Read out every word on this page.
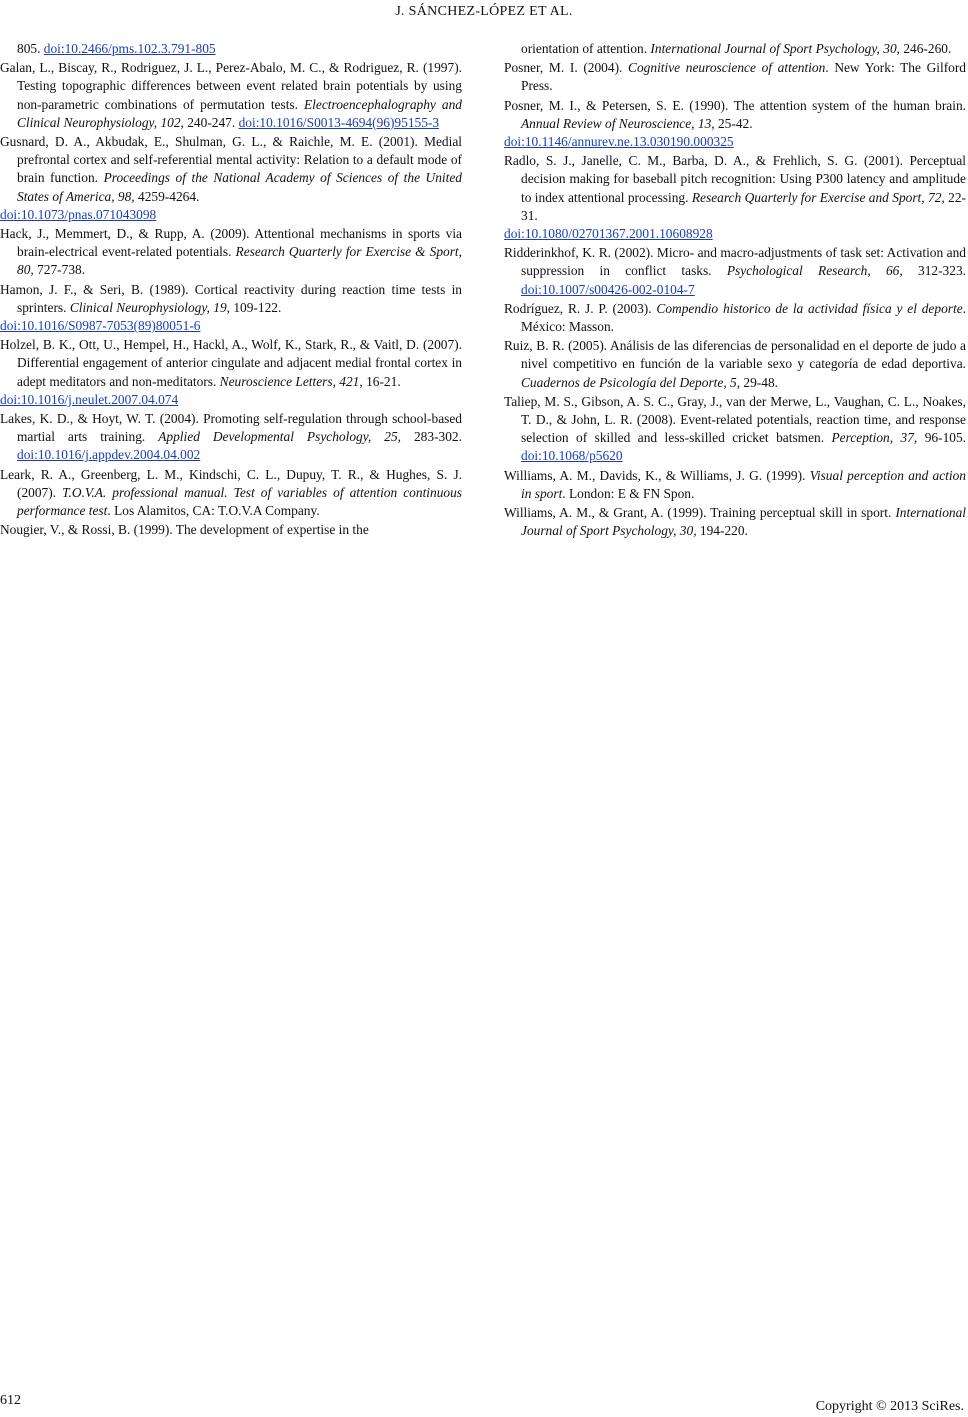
J. SÁNCHEZ-LÓPEZ ET AL.

805. doi:10.2466/pms.102.3.791-805

Galan, L., Biscay, R., Rodriguez, J. L., Perez-Abalo, M. C., & Rodriguez, R. (1997). Testing topographic differences between event related brain potentials by using non-parametric combinations of permutation tests. Electroencephalography and Clinical Neurophysiology, 102, 240-247. doi:10.1016/S0013-4694(96)95155-3

Gusnard, D. A., Akbudak, E., Shulman, G. L., & Raichle, M. E. (2001). Medial prefrontal cortex and self-referential mental activity: Relation to a default mode of brain function. Proceedings of the National Academy of Sciences of the United States of America, 98, 4259-4264.
doi:10.1073/pnas.071043098

Hack, J., Memmert, D., & Rupp, A. (2009). Attentional mechanisms in sports via brain-electrical event-related potentials. Research Quarterly for Exercise & Sport, 80, 727-738.

Hamon, J. F., & Seri, B. (1989). Cortical reactivity during reaction time tests in sprinters. Clinical Neurophysiology, 19, 109-122.
doi:10.1016/S0987-7053(89)80051-6

Holzel, B. K., Ott, U., Hempel, H., Hackl, A., Wolf, K., Stark, R., & Vaitl, D. (2007). Differential engagement of anterior cingulate and adjacent medial frontal cortex in adept meditators and non-meditators. Neuroscience Letters, 421, 16-21.
doi:10.1016/j.neulet.2007.04.074

Lakes, K. D., & Hoyt, W. T. (2004). Promoting self-regulation through school-based martial arts training. Applied Developmental Psychology, 25, 283-302. doi:10.1016/j.appdev.2004.04.002

Leark, R. A., Greenberg, L. M., Kindschi, C. L., Dupuy, T. R., & Hughes, S. J. (2007). T.O.V.A. professional manual. Test of variables of attention continuous performance test. Los Alamitos, CA: T.O.V.A Company.

Nougier, V., & Rossi, B. (1999). The development of expertise in the

orientation of attention. International Journal of Sport Psychology, 30, 246-260.

Posner, M. I. (2004). Cognitive neuroscience of attention. New York: The Gilford Press.

Posner, M. I., & Petersen, S. E. (1990). The attention system of the human brain. Annual Review of Neuroscience, 13, 25-42.
doi:10.1146/annurev.ne.13.030190.000325

Radlo, S. J., Janelle, C. M., Barba, D. A., & Frehlich, S. G. (2001). Perceptual decision making for baseball pitch recognition: Using P300 latency and amplitude to index attentional processing. Research Quarterly for Exercise and Sport, 72, 22-31.
doi:10.1080/02701367.2001.10608928

Ridderinkhof, K. R. (2002). Micro- and macro-adjustments of task set: Activation and suppression in conflict tasks. Psychological Research, 66, 312-323. doi:10.1007/s00426-002-0104-7

Rodríguez, R. J. P. (2003). Compendio historico de la actividad física y el deporte. México: Masson.

Ruiz, B. R. (2005). Análisis de las diferencias de personalidad en el deporte de judo a nivel competitivo en función de la variable sexo y categoría de edad deportiva. Cuadernos de Psicología del Deporte, 5, 29-48.

Taliep, M. S., Gibson, A. S. C., Gray, J., van der Merwe, L., Vaughan, C. L., Noakes, T. D., & John, L. R. (2008). Event-related potentials, reaction time, and response selection of skilled and less-skilled cricket batsmen. Perception, 37, 96-105. doi:10.1068/p5620

Williams, A. M., Davids, K., & Williams, J. G. (1999). Visual perception and action in sport. London: E & FN Spon.

Williams, A. M., & Grant, A. (1999). Training perceptual skill in sport. International Journal of Sport Psychology, 30, 194-220.

612	Copyright © 2013 SciRes.
